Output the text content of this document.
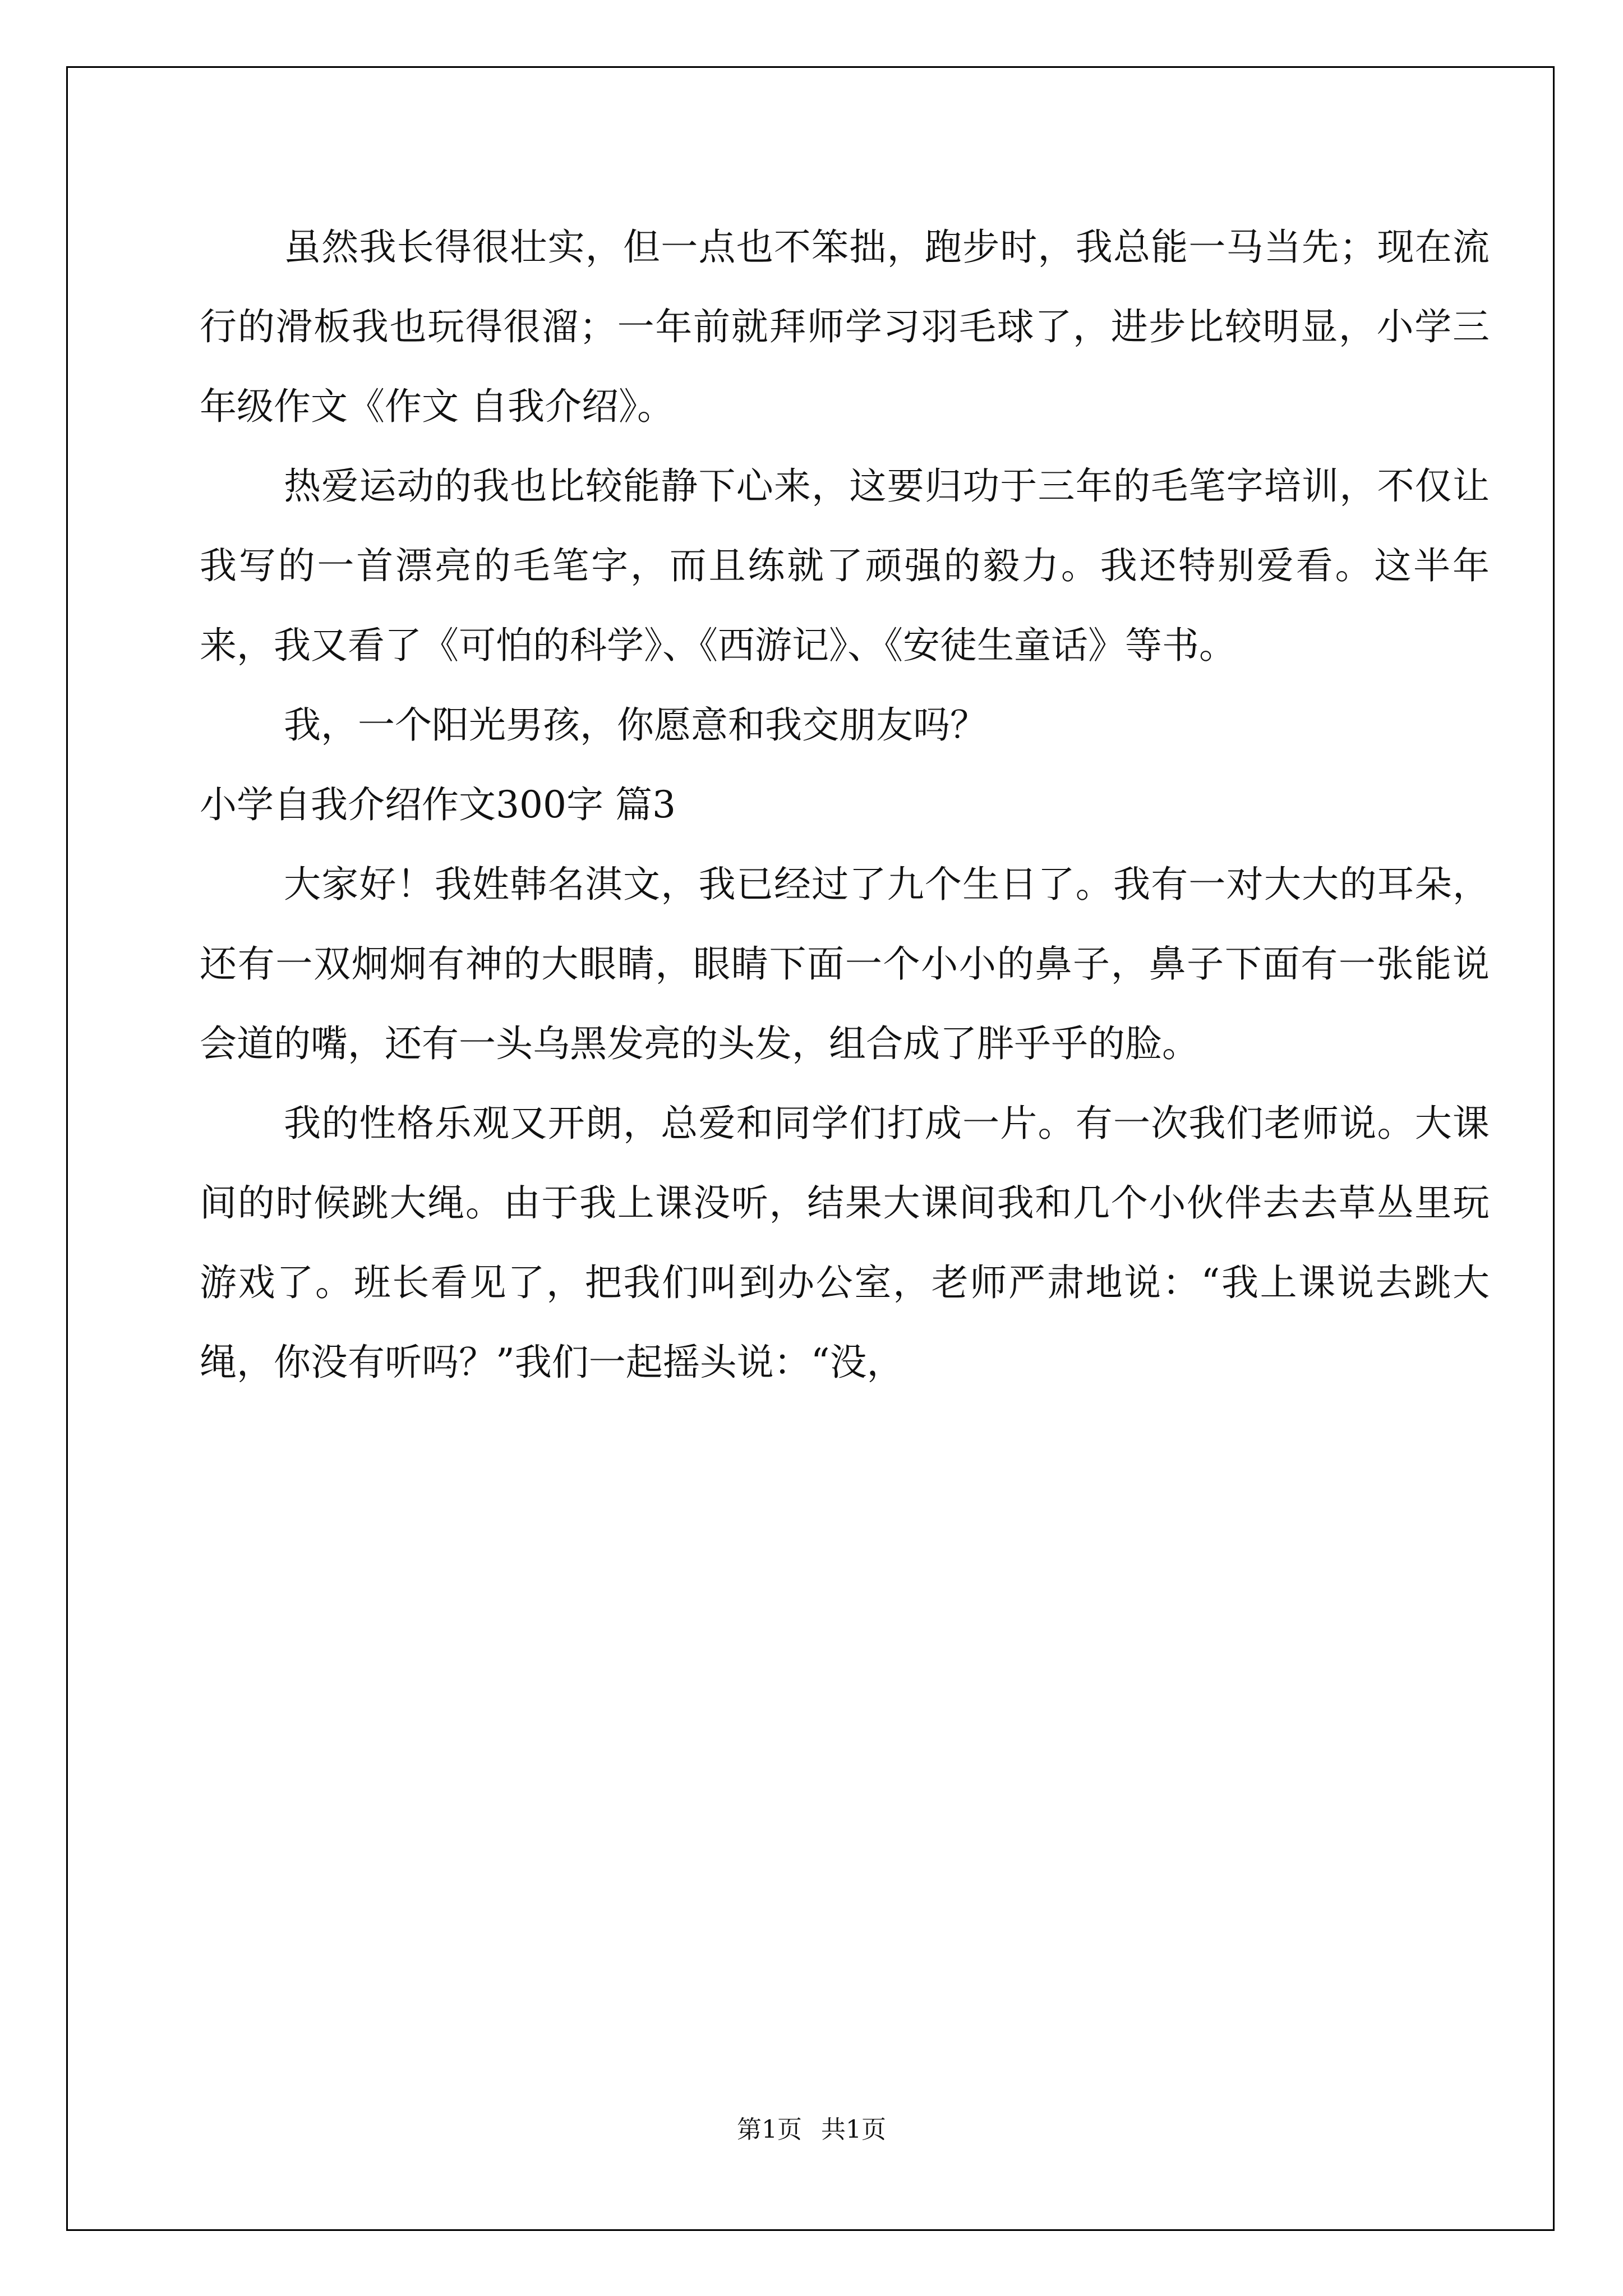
虽然我长得很壮实，但一点也不笨拙，跑步时，我总能一马当先；现在流行的滑板我也玩得很溜；一年前就拜师学习羽毛球了，进步比较明显，小学三年级作文《作文 自我介绍》。

热爱运动的我也比较能静下心来，这要归功于三年的毛笔字培训，不仅让我写的一首漂亮的毛笔字，而且练就了顽强的毅力。我还特别爱看。这半年来，我又看了《可怕的科学》、《西游记》、《安徒生童话》等书。

我，一个阳光男孩，你愿意和我交朋友吗？

小学自我介绍作文300字 篇3

大家好！我姓韩名淇文，我已经过了九个生日了。我有一对大大的耳朵，还有一双炯炯有神的大眼睛，眼睛下面一个小小的鼻子，鼻子下面有一张能说会道的嘴，还有一头乌黑发亮的头发，组合成了胖乎乎的脸。

我的性格乐观又开朗，总爱和同学们打成一片。有一次我们老师说。大课间的时候跳大绳。由于我上课没听，结果大课间我和几个小伙伴去去草丛里玩游戏了。班长看见了，把我们叫到办公室，老师严肃地说：“我上课说去跳大绳，你没有听吗？”我们一起摇头说：“没，

第1页 共1页
